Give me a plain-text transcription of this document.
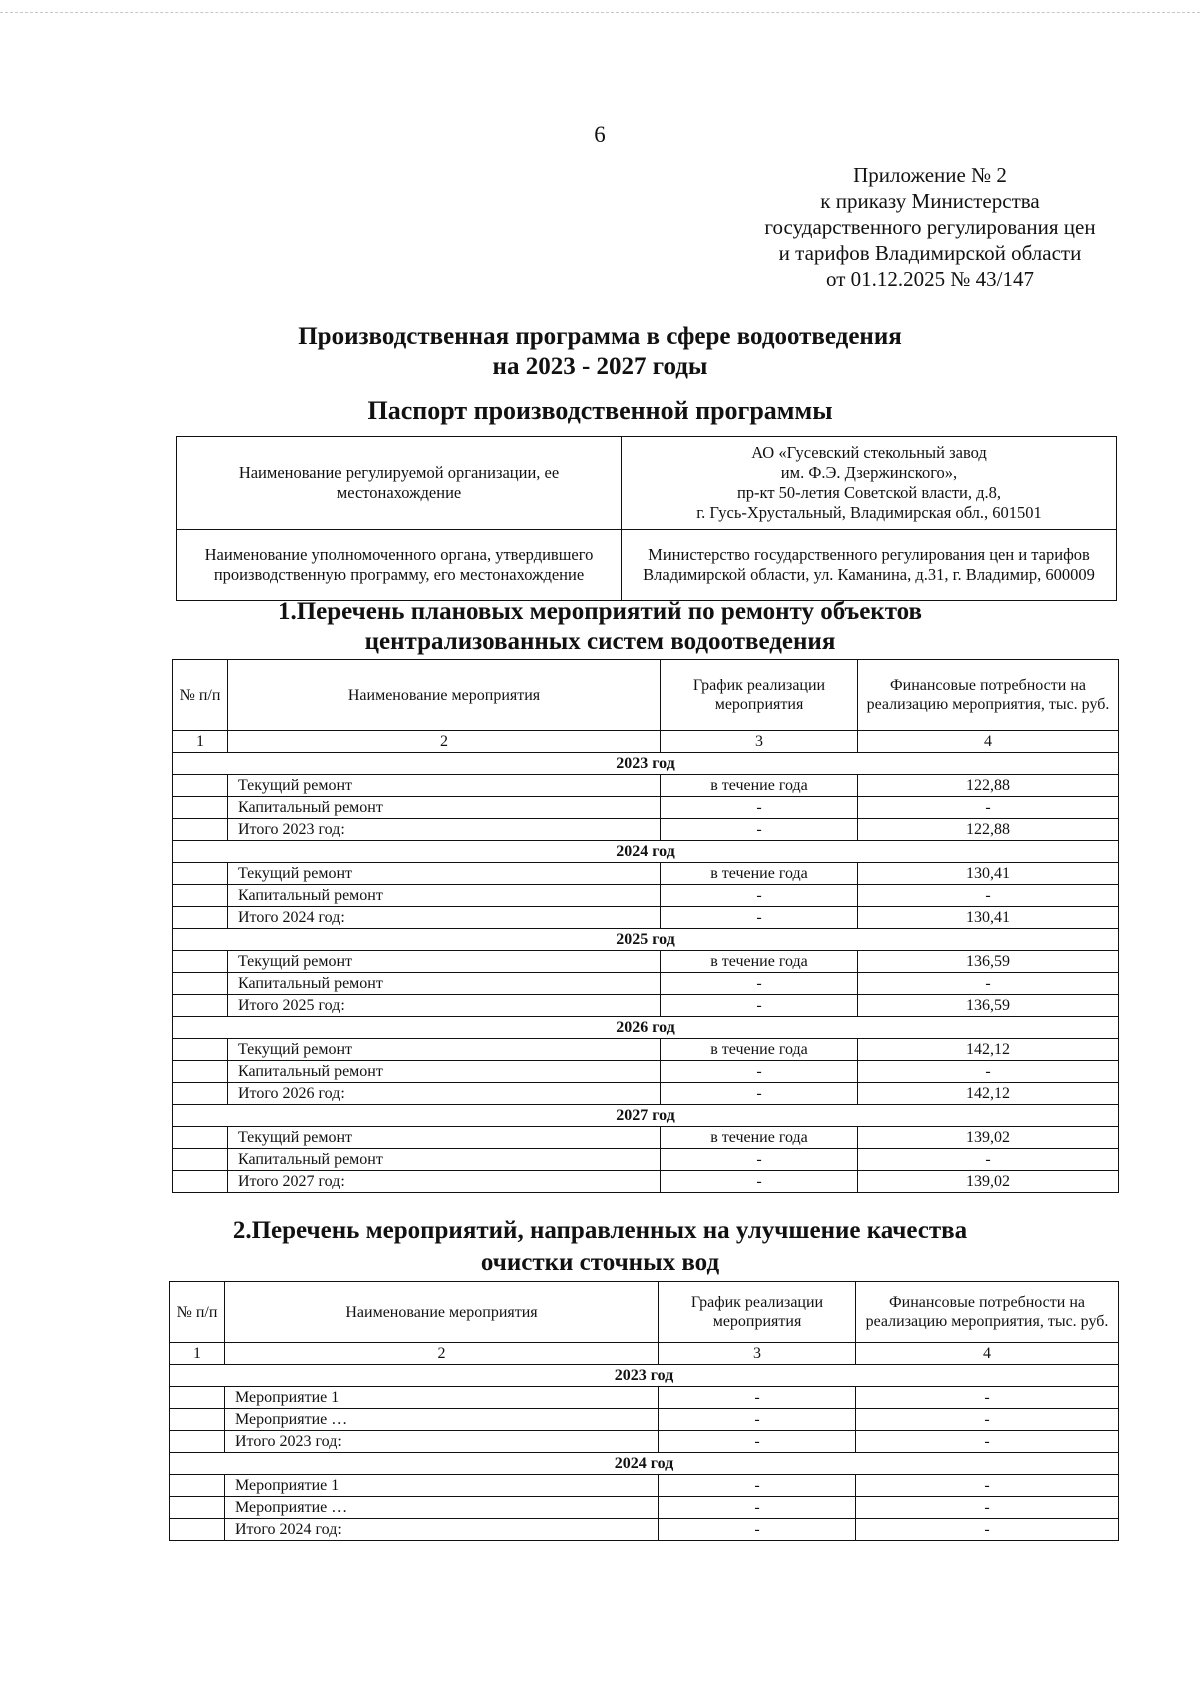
6
Приложение № 2
к приказу Министерства
государственного регулирования цен
и тарифов Владимирской области
от 01.12.2025 № 43/147
Производственная программа в сфере водоотведения
на 2023 - 2027 годы
Паспорт производственной программы
Наименование регулируемой организации, ее местонахождение	АО «Гусевский стекольный завод
им. Ф.Э. Дзержинского»,
пр-кт 50-летия Советской власти, д.8,
г. Гусь-Хрустальный, Владимирская обл., 601501

Наименование уполномоченного органа, утвердившего производственную программу, его местонахождение	Министерство государственного регулирования цен и тарифов Владимирской области, ул. Каманина, д.31, г. Владимир, 600009
1.Перечень плановых мероприятий по ремонту объектов
централизованных систем водоотведения
№ п/п	Наименование мероприятия	График реализации мероприятия	Финансовые потребности на реализацию мероприятия, тыс. руб.
1	2	3	4
2023 год			
	Текущий ремонт	в течение года	122,88
	Капитальный ремонт	-	-
	Итого 2023 год:	-	122,88
2024 год			
	Текущий ремонт	в течение года	130,41
	Капитальный ремонт	-	-
	Итого 2024 год:	-	130,41
2025 год			
	Текущий ремонт	в течение года	136,59
	Капитальный ремонт	-	-
	Итого 2025 год:	-	136,59
2026 год			
	Текущий ремонт	в течение года	142,12
	Капитальный ремонт	-	-
	Итого 2026 год:	-	142,12
2027 год			
	Текущий ремонт	в течение года	139,02
	Капитальный ремонт	-	-
	Итого 2027 год:	-	139,02
2.Перечень мероприятий, направленных на улучшение качества
очистки сточных вод
№ п/п	Наименование мероприятия	График реализации мероприятия	Финансовые потребности на реализацию мероприятия, тыс. руб.
1	2	3	4
2023 год			
	Мероприятие 1	-	-
	Мероприятие …	-	-
	Итого 2023 год:	-	-
2024 год			
	Мероприятие 1	-	-
	Мероприятие …	-	-
	Итого 2024 год:	-	-
